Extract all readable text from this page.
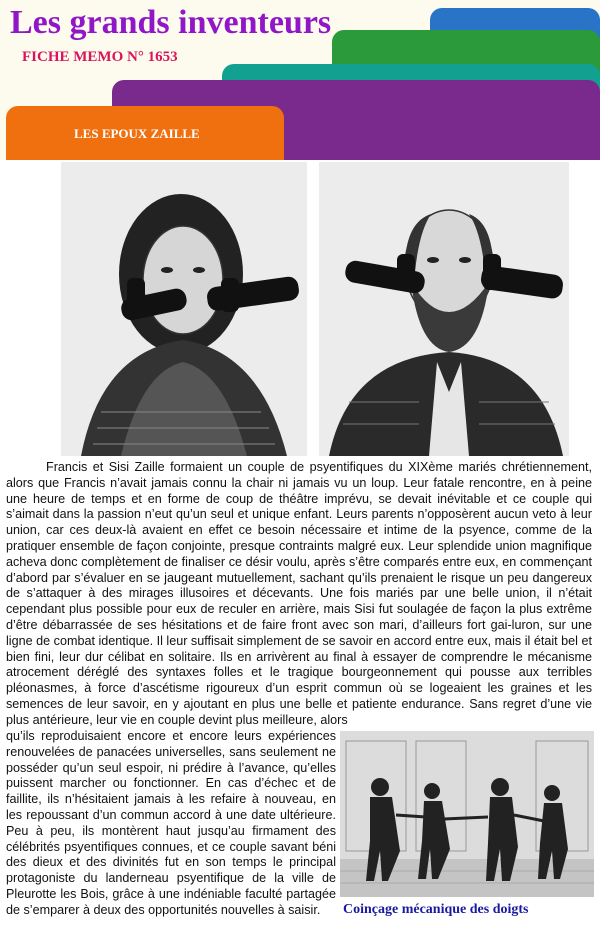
Les grands inventeurs
FICHE MEMO N° 1653
LES EPOUX ZAILLE
Francis et Sisi Zaille formaient un couple de psyentifiques du XIXème mariés chrétiennement, alors que Francis n’avait jamais connu la chair ni jamais vu un loup. Leur fatale rencontre, en à peine une heure de temps et en forme de coup de théâtre imprévu, se devait inévitable et ce couple qui s’aimait dans la passion n’eut qu’un seul et unique enfant. Leurs parents n’opposèrent aucun veto à leur union, car ces deux-là avaient en effet ce besoin nécessaire et intime de la psyence, comme de la pratiquer ensemble de façon conjointe, presque contraints malgré eux. Leur splendide union magnifique acheva donc complètement de finaliser ce désir voulu, après s’être comparés entre eux, en commençant d’abord par s’évaluer en se jaugeant mutuellement, sachant qu’ils prenaient le risque un peu dangereux de s’attaquer à des mirages illusoires et décevants. Une fois mariés par une belle union, il n’était cependant plus possible pour eux de reculer en arrière, mais Sisi fut soulagée de façon la plus extrême d’être débarrassée de ses hésitations et de faire front avec son mari, d’ailleurs fort gai-luron, sur une ligne de combat identique. Il leur suffisait simplement de se savoir en accord entre eux, mais il était bel et bien fini, leur dur célibat en solitaire. Ils en arrivèrent au final à essayer de comprendre le mécanisme atrocement déréglé des syntaxes folles et le tragique bourgeonnement qui pousse aux terribles pléonasmes, à force d’ascétisme rigoureux d’un esprit commun où se logeaient les graines et les semences de leur savoir, en y ajoutant en plus une belle et patiente endurance. Sans regret d’une vie plus antérieure, leur vie en couple devint plus meilleure, alors
qu’ils reproduisaient encore et encore leurs expériences renouvelées de panacées universelles, sans seulement ne posséder qu’un seul espoir, ni prédire à l’avance, qu’elles puissent marcher ou fonctionner. En cas d’échec et de faillite, ils n’hésitaient jamais à les refaire à nouveau, en les repoussant d’un commun accord à une date ultérieure. Peu à peu, ils montèrent haut jusqu’au firmament des célébrités psyentifiques connues, et ce couple savant béni des dieux et des divinités fut en son temps le principal protagoniste du landerneau psyentifique de la ville de Pleurotte les Bois, grâce à une indéniable faculté partagée de s’emparer à deux des opportunités nouvelles à saisir.	Coinçage mécanique des doigts
